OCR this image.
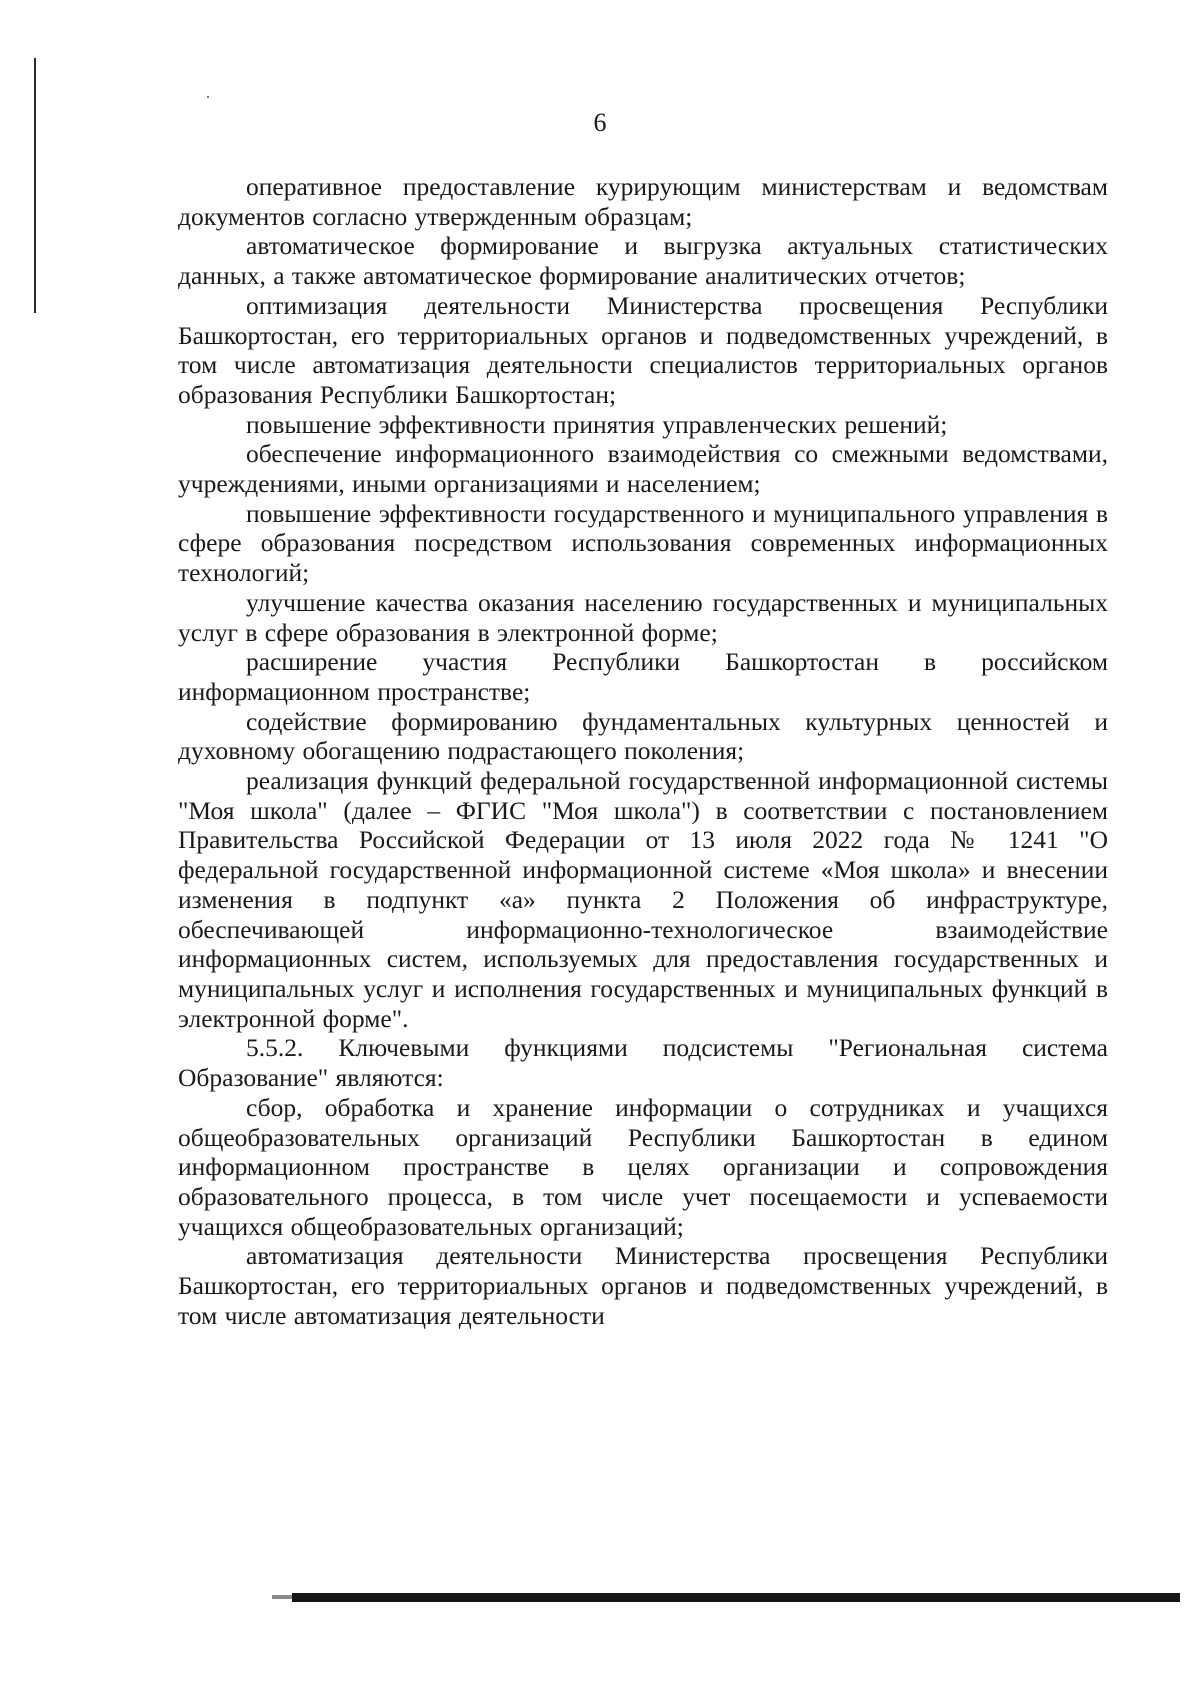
6

оперативное предоставление курирующим министерствам и ведомствам документов согласно утвержденным образцам;

автоматическое формирование и выгрузка актуальных статистических данных, а также автоматическое формирование аналитических отчетов;

оптимизация деятельности Министерства просвещения Республики Башкортостан, его территориальных органов и подведомственных учреждений, в том числе автоматизация деятельности специалистов территориальных органов образования Республики Башкортостан;

повышение эффективности принятия управленческих решений;

обеспечение информационного взаимодействия со смежными ведомствами, учреждениями, иными организациями и населением;

повышение эффективности государственного и муниципального управления в сфере образования посредством использования современных информационных технологий;

улучшение качества оказания населению государственных и муниципальных услуг в сфере образования в электронной форме;

расширение участия Республики Башкортостан в российском информационном пространстве;

содействие формированию фундаментальных культурных ценностей и духовному обогащению подрастающего поколения;

реализация функций федеральной государственной информационной системы "Моя школа" (далее – ФГИС "Моя школа") в соответствии с постановлением Правительства Российской Федерации от 13 июля 2022 года № 1241 "О федеральной государственной информационной системе «Моя школа» и внесении изменения в подпункт «а» пункта 2 Положения об инфраструктуре, обеспечивающей информационно-технологическое взаимодействие информационных систем, используемых для предоставления государственных и муниципальных услуг и исполнения государственных и муниципальных функций в электронной форме".

5.5.2. Ключевыми функциями подсистемы "Региональная система Образование" являются:

сбор, обработка и хранение информации о сотрудниках и учащихся общеобразовательных организаций Республики Башкортостан в едином информационном пространстве в целях организации и сопровождения образовательного процесса, в том числе учет посещаемости и успеваемости учащихся общеобразовательных организаций;

автоматизация деятельности Министерства просвещения Республики Башкортостан, его территориальных органов и подведомственных учреждений, в том числе автоматизация деятельности
